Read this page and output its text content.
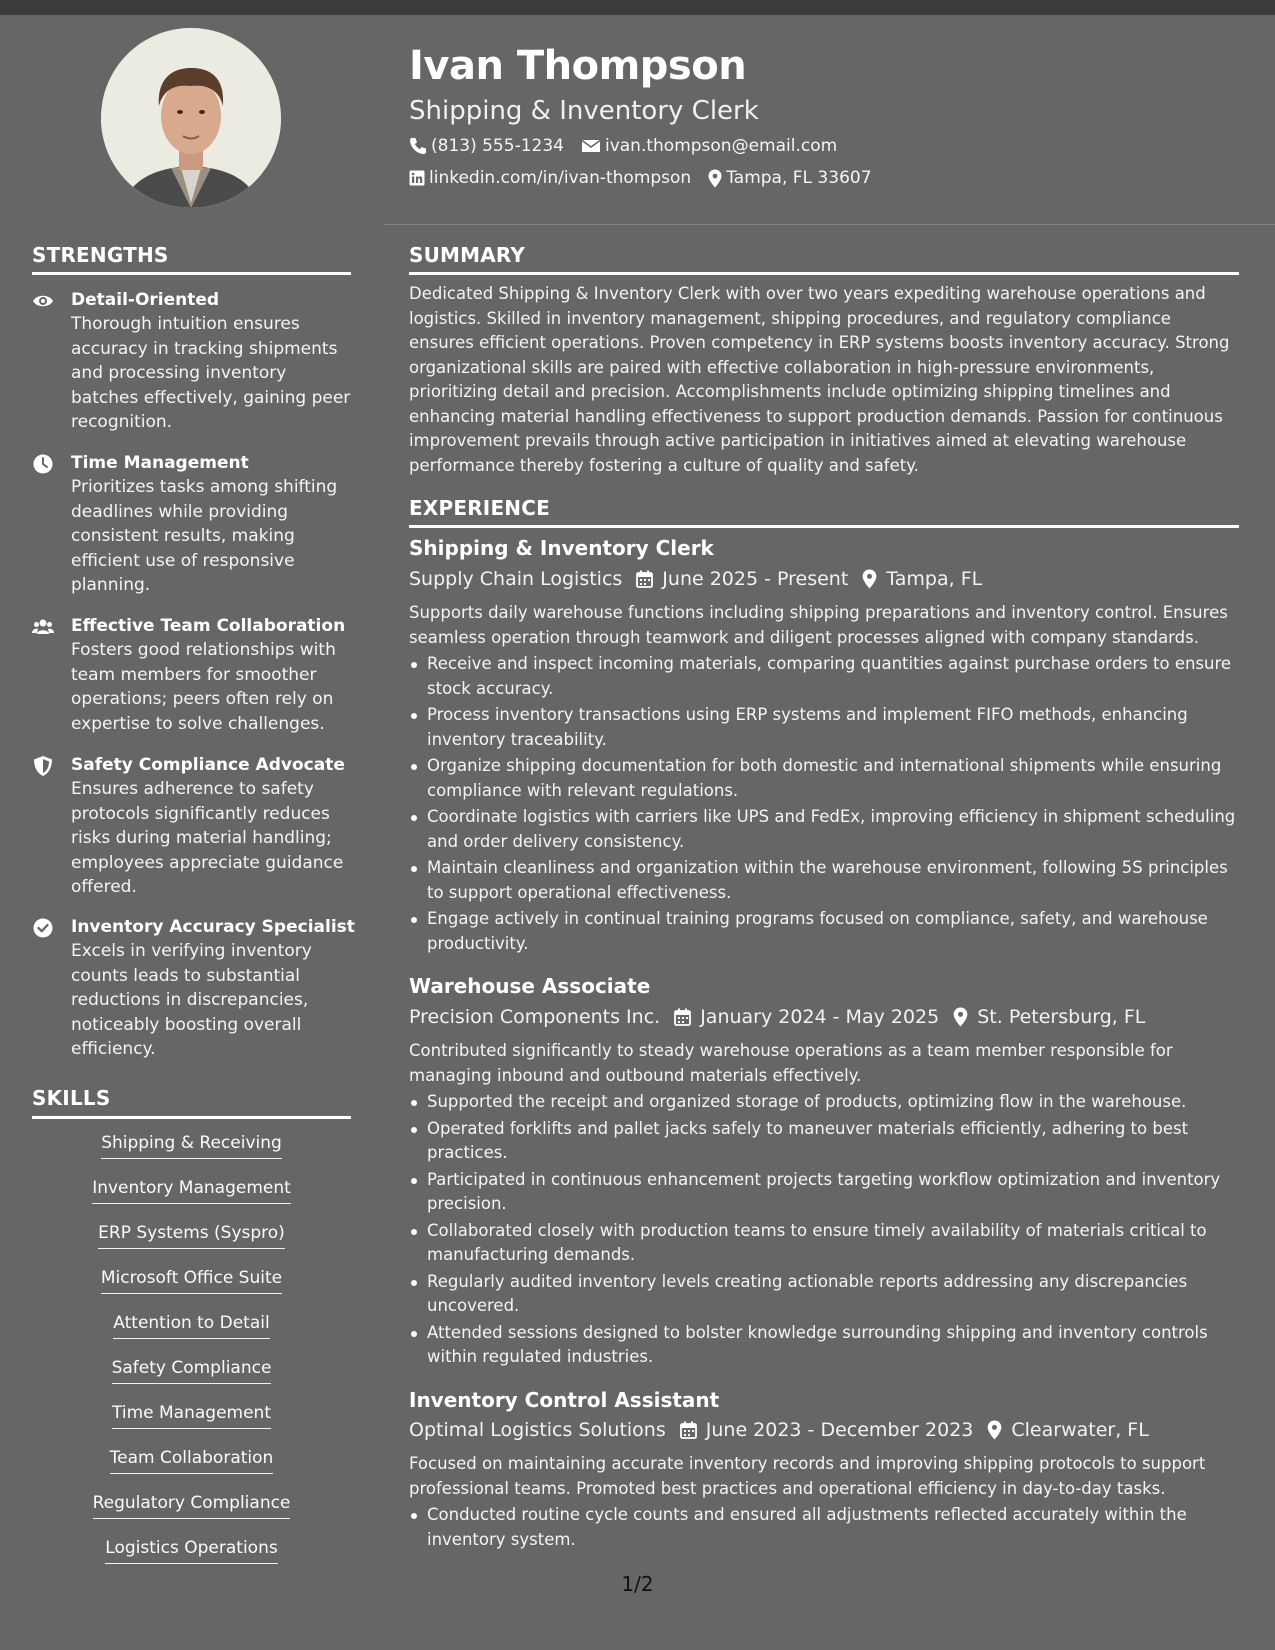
STRENGTHS
Detail-Oriented
Thorough intuition ensures accuracy in tracking shipments and processing inventory batches effectively, gaining peer recognition.
Time Management
Prioritizes tasks among shifting deadlines while providing consistent results, making efficient use of responsive planning.
Effective Team Collaboration
Fosters good relationships with team members for smoother operations; peers often rely on expertise to solve challenges.
Safety Compliance Advocate
Ensures adherence to safety protocols significantly reduces risks during material handling; employees appreciate guidance offered.
Inventory Accuracy Specialist
Excels in verifying inventory counts leads to substantial reductions in discrepancies, noticeably boosting overall efficiency.
SKILLS
Shipping & Receiving
Inventory Management
ERP Systems (Syspro)
Microsoft Office Suite
Attention to Detail
Safety Compliance
Time Management
Team Collaboration
Regulatory Compliance
Logistics Operations
Ivan Thompson
Shipping & Inventory Clerk
(813) 555-1234 ivan.thompson@email.com
linkedin.com/in/ivan-thompson Tampa, FL 33607
SUMMARY
Dedicated Shipping & Inventory Clerk with over two years expediting warehouse operations and logistics. Skilled in inventory management, shipping procedures, and regulatory compliance ensures efficient operations. Proven competency in ERP systems boosts inventory accuracy. Strong organizational skills are paired with effective collaboration in high-pressure environments, prioritizing detail and precision. Accomplishments include optimizing shipping timelines and enhancing material handling effectiveness to support production demands. Passion for continuous improvement prevails through active participation in initiatives aimed at elevating warehouse performance thereby fostering a culture of quality and safety.
EXPERIENCE
Shipping & Inventory Clerk
Supply Chain Logistics June 2025 - Present Tampa, FL
Supports daily warehouse functions including shipping preparations and inventory control. Ensures seamless operation through teamwork and diligent processes aligned with company standards.
Receive and inspect incoming materials, comparing quantities against purchase orders to ensure stock accuracy.
Process inventory transactions using ERP systems and implement FIFO methods, enhancing inventory traceability.
Organize shipping documentation for both domestic and international shipments while ensuring compliance with relevant regulations.
Coordinate logistics with carriers like UPS and FedEx, improving efficiency in shipment scheduling and order delivery consistency.
Maintain cleanliness and organization within the warehouse environment, following 5S principles to support operational effectiveness.
Engage actively in continual training programs focused on compliance, safety, and warehouse productivity.
Warehouse Associate
Precision Components Inc. January 2024 - May 2025 St. Petersburg, FL
Contributed significantly to steady warehouse operations as a team member responsible for managing inbound and outbound materials effectively.
Supported the receipt and organized storage of products, optimizing flow in the warehouse.
Operated forklifts and pallet jacks safely to maneuver materials efficiently, adhering to best practices.
Participated in continuous enhancement projects targeting workflow optimization and inventory precision.
Collaborated closely with production teams to ensure timely availability of materials critical to manufacturing demands.
Regularly audited inventory levels creating actionable reports addressing any discrepancies uncovered.
Attended sessions designed to bolster knowledge surrounding shipping and inventory controls within regulated industries.
Inventory Control Assistant
Optimal Logistics Solutions June 2023 - December 2023 Clearwater, FL
Focused on maintaining accurate inventory records and improving shipping protocols to support professional teams. Promoted best practices and operational efficiency in day-to-day tasks.
Conducted routine cycle counts and ensured all adjustments reflected accurately within the inventory system.
1/2
